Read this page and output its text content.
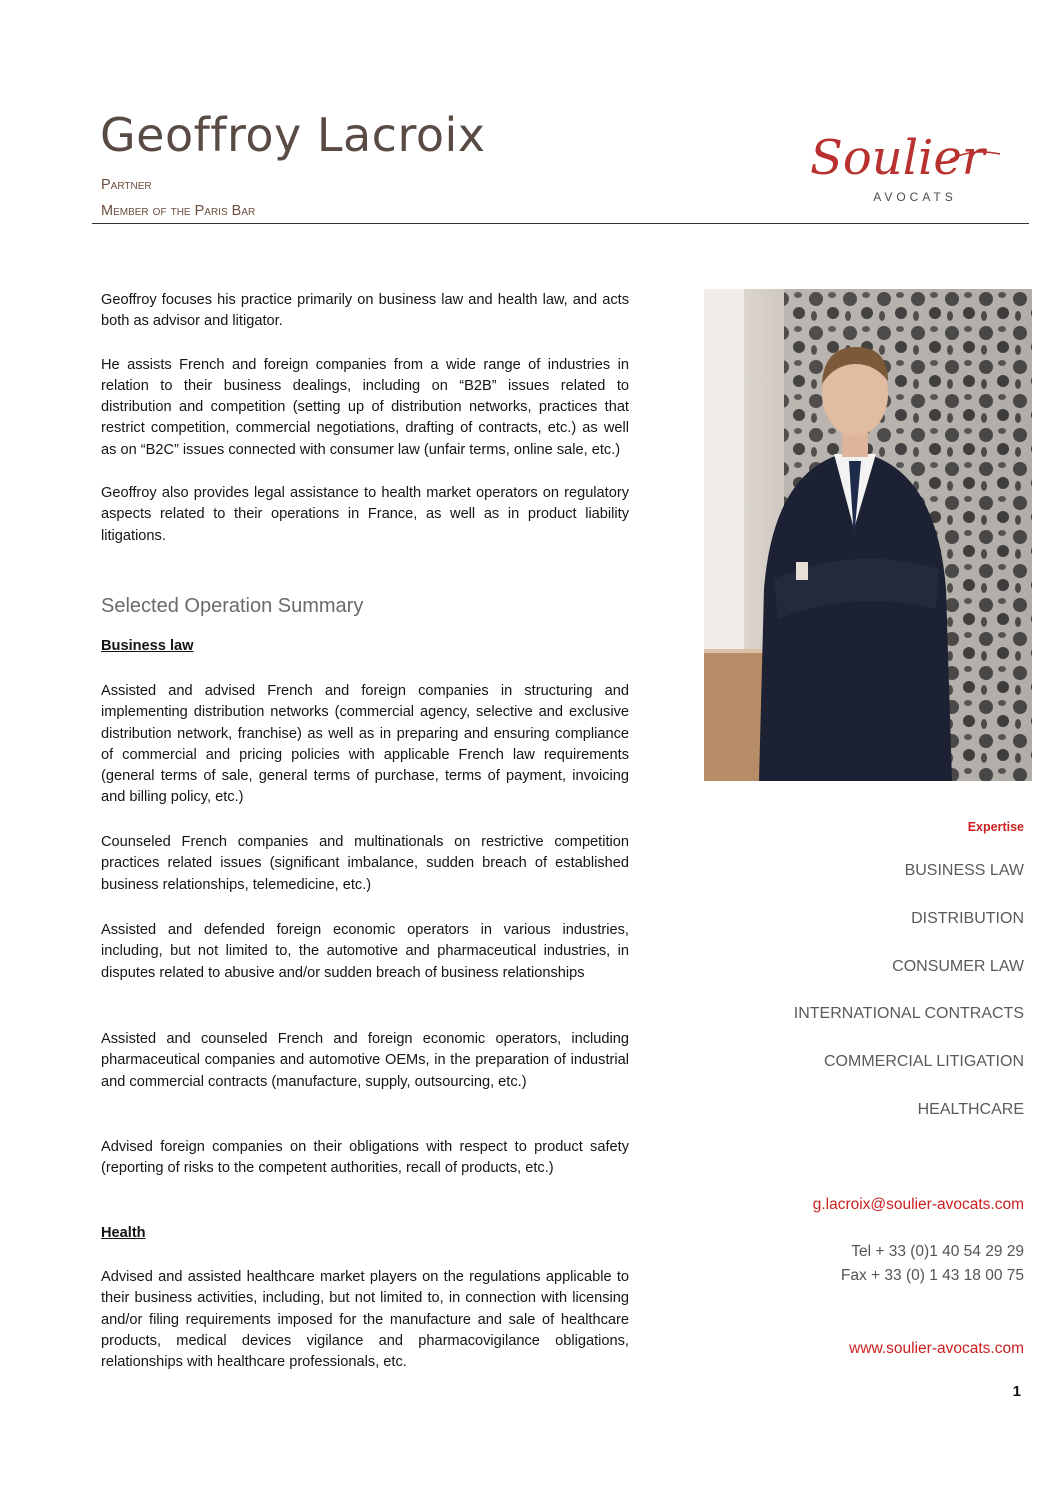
Geoffroy Lacroix
Partner
Member of the Paris Bar
Soulier
AVOCATS

Geoffroy focuses his practice primarily on business law and health law, and acts both as advisor and litigator.

He assists French and foreign companies from a wide range of industries in relation to their business dealings, including on “B2B” issues related to distribution and competition (setting up of distribution networks, practices that restrict competition, commercial negotiations, drafting of contracts, etc.) as well as on “B2C” issues connected with consumer law (unfair terms, online sale, etc.)

Geoffroy also provides legal assistance to health market operators on regulatory aspects related to their operations in France, as well as in product liability litigations.

Selected Operation Summary
Business law
Assisted and advised French and foreign companies in structuring and implementing distribution networks (commercial agency, selective and exclusive distribution network, franchise) as well as in preparing and ensuring compliance of commercial and pricing policies with applicable French law requirements (general terms of sale, general terms of purchase, terms of payment, invoicing and billing policy, etc.)
Counseled French companies and multinationals on restrictive competition practices related issues (significant imbalance, sudden breach of established business relationships, telemedicine, etc.)
Assisted and defended foreign economic operators in various industries, including, but not limited to, the automotive and pharmaceutical industries, in disputes related to abusive and/or sudden breach of business relationships
Assisted and counseled French and foreign economic operators, including pharmaceutical companies and automotive OEMs, in the preparation of industrial and commercial contracts (manufacture, supply, outsourcing, etc.)
Advised foreign companies on their obligations with respect to product safety (reporting of risks to the competent authorities, recall of products, etc.)
Health
Advised and assisted healthcare market players on the regulations applicable to their business activities, including, but not limited to, in connection with licensing and/or filing requirements imposed for the manufacture and sale of healthcare products, medical devices vigilance and pharmacovigilance obligations, relationships with healthcare professionals, etc.
Expertise
BUSINESS LAW
DISTRIBUTION
CONSUMER LAW
INTERNATIONAL CONTRACTS
COMMERCIAL LITIGATION
HEALTHCARE
g.lacroix@soulier-avocats.com
Tel + 33 (0)1 40 54 29 29
Fax + 33 (0) 1 43 18 00 75
www.soulier-avocats.com
1
